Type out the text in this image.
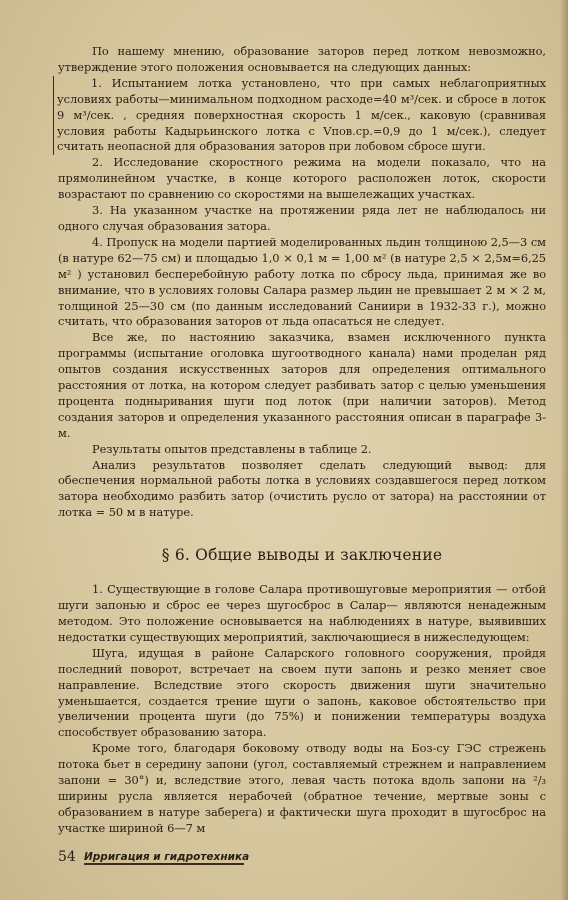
По нашему мнению, образование заторов перед лотком невозможно, утверждение этого положения основывается на следующих данных:

1. Испытанием лотка установлено, что при самых неблагоприятных условиях работы—минимальном подходном расходе=40 м³/сек. и сбросе в лоток 9 м³/сек. , средняя поверхностная скорость 1 м/сек., каковую (сравнивая условия работы Кадырьинского лотка с Vпов.ср.=0,9 до 1 м/сек.), следует считать неопасной для образования заторов при лобовом сбросе шуги.

2. Исследование скоростного режима на модели показало, что на прямолинейном участке, в конце которого расположен лоток, скорости возрастают по сравнению со скоростями на вышележащих участках.

3. На указанном участке на протяжении ряда лет не наблюдалось ни одного случая образования затора.

4. Пропуск на модели партией моделированных льдин толщиною 2,5—3 см (в натуре 62—75 см) и площадью 1,0 × 0,1 м = 1,00 м² (в натуре 2,5 × 2,5м=6,25 м² ) установил бесперебойную работу лотка по сбросу льда, принимая же во внимание, что в условиях головы Салара размер льдин не превышает 2 м × 2 м, толщиной 25—30 см (по данным исследований Саниири в 1932-33 г.), можно считать, что образования заторов от льда опасаться не следует.

Все же, по настоянию заказчика, взамен исключенного пункта программы (испытание оголовка шугоотводного канала) нами проделан ряд опытов создания искусственных заторов для определения оптимального расстояния от лотка, на котором следует разбивать затор с целью уменьшения процента подныривания шуги под лоток (при наличии заторов). Метод создания заторов и определения указанного расстояния описан в параграфе 3-м.

Результаты опытов представлены в таблице 2.

Анализ результатов позволяет сделать следующий вывод: для обеспечения нормальной работы лотка в условиях создавшегося перед лотком затора необходимо разбить затор (очистить русло от затора) на расстоянии от лотка = 50 м в натуре.

§ 6. Общие выводы и заключение

1. Существующие в голове Салара противошуговые мероприятия — отбой шуги запонью и сброс ее через шугосброс в Салар— являются ненадежным методом. Это положение основывается на наблюдениях в натуре, выявивших недостатки существующих мероприятий, заключающиеся в нижеследующем:

Шуга, идущая в районе Саларского головного сооружения, пройдя последний поворот, встречает на своем пути запонь и резко меняет свое направление. Вследствие этого скорость движения шуги значительно уменьшается, создается трение шуги о запонь, каковое обстоятельство при увеличении процента шуги (до 75%) и понижении температуры воздуха способствует образованию затора.

Кроме того, благодаря боковому отводу воды на Боз-су ГЭС стрежень потока бьет в середину запони (угол, составляемый стрежнем и направлением запони = 30°) и, вследствие этого, левая часть потока вдоль запони на ²/₃ ширины русла является нерабочей (обратное течение, мертвые зоны с образованием в натуре заберега) и фактически шуга проходит в шугосброс на участке шириной 6—7 м

54 Ирригация и гидротехника
